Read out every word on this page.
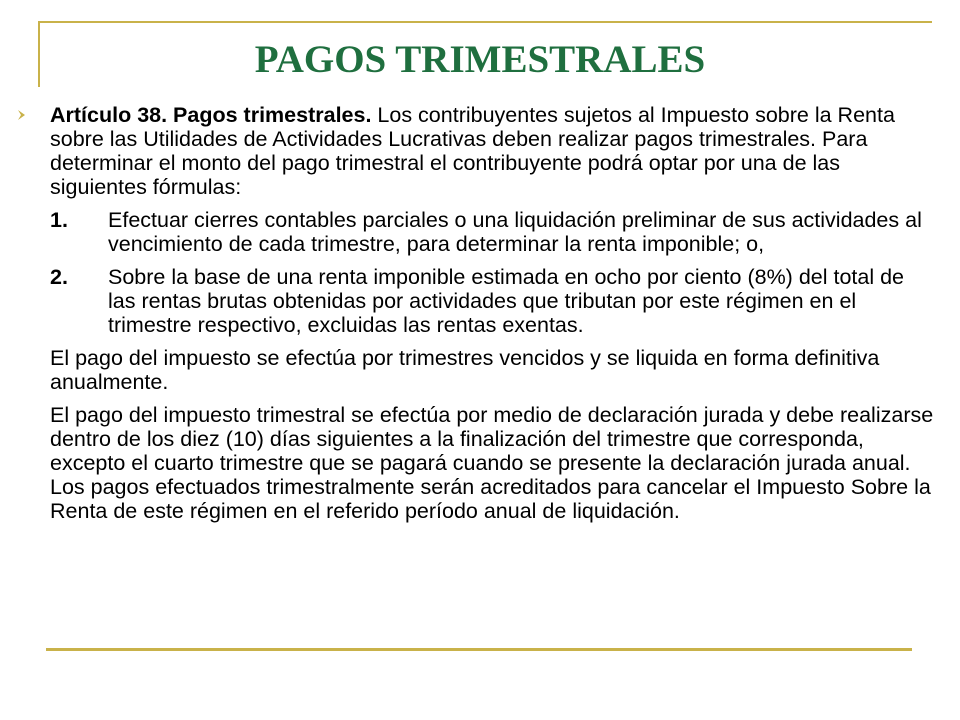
PAGOS TRIMESTRALES
Artículo 38. Pagos trimestrales. Los contribuyentes sujetos al Impuesto sobre la Renta sobre las Utilidades de Actividades Lucrativas deben realizar pagos trimestrales. Para determinar el monto del pago trimestral el contribuyente podrá optar por una de las siguientes fórmulas:
1. Efectuar cierres contables parciales o una liquidación preliminar de sus actividades al vencimiento de cada trimestre, para determinar la renta imponible; o,
2. Sobre la base de una renta imponible estimada en ocho por ciento (8%) del total de las rentas brutas obtenidas por actividades que tributan por este régimen en el trimestre respectivo, excluidas las rentas exentas.
El pago del impuesto se efectúa por trimestres vencidos y se liquida en forma definitiva anualmente.
El pago del impuesto trimestral se efectúa por medio de declaración jurada y debe realizarse dentro de los diez (10) días siguientes a la finalización del trimestre que corresponda, excepto el cuarto trimestre que se pagará cuando se presente la declaración jurada anual. Los pagos efectuados trimestralmente serán acreditados para cancelar el Impuesto Sobre la Renta de este régimen en el referido período anual de liquidación.
